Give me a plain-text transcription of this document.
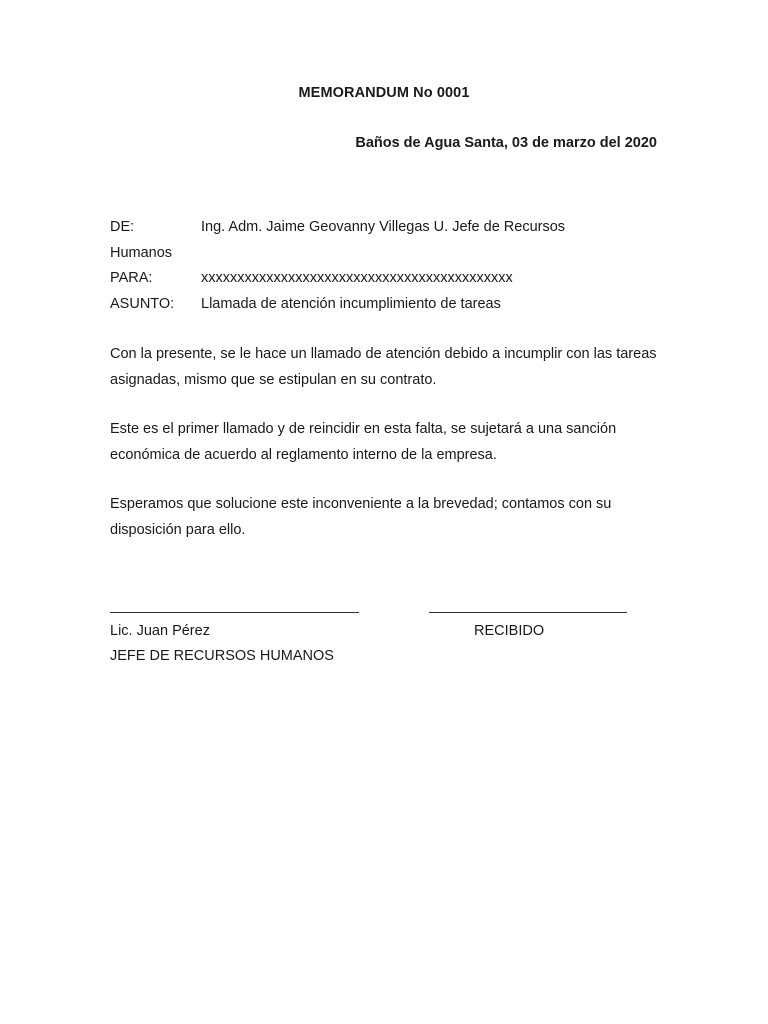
MEMORANDUM No 0001
Baños de Agua Santa, 03 de marzo del 2020
DE:	Ing. Adm. Jaime Geovanny Villegas U. Jefe de Recursos
Humanos
PARA:	xxxxxxxxxxxxxxxxxxxxxxxxxxxxxxxxxxxxxxxxxxx
ASUNTO: Llamada de atención incumplimiento de tareas
Con la presente, se le hace un llamado de atención debido a incumplir con las tareas asignadas, mismo que se estipulan en su contrato.
Este es el primer llamado y de reincidir en esta falta, se sujetará a una sanción económica de acuerdo al reglamento interno de la empresa.
Esperamos que solucione este inconveniente a la brevedad; contamos con su disposición para ello.
Lic. Juan Pérez	RECIBIDO
JEFE DE RECURSOS HUMANOS
